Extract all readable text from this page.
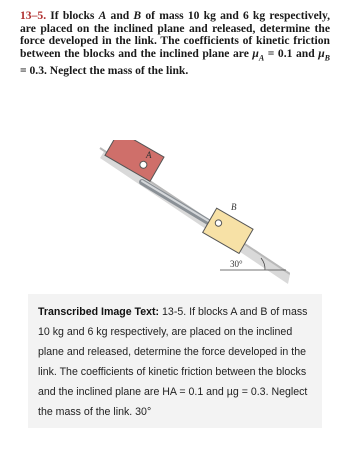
13–5. If blocks A and B of mass 10 kg and 6 kg respectively, are placed on the inclined plane and released, determine the force developed in the link. The coefficients of kinetic friction between the blocks and the inclined plane are $\mu_A = 0.1$ and $\mu_B = 0.3$. Neglect the mass of the link.
A
B
30°
Transcribed Image Text: 13-5. If blocks A and B of mass 10 kg and 6 kg respectively, are placed on the inclined plane and released, determine the force developed in the link. The coefficients of kinetic friction between the blocks and the inclined plane are HA = 0.1 and µg = 0.3. Neglect the mass of the link. 30°
